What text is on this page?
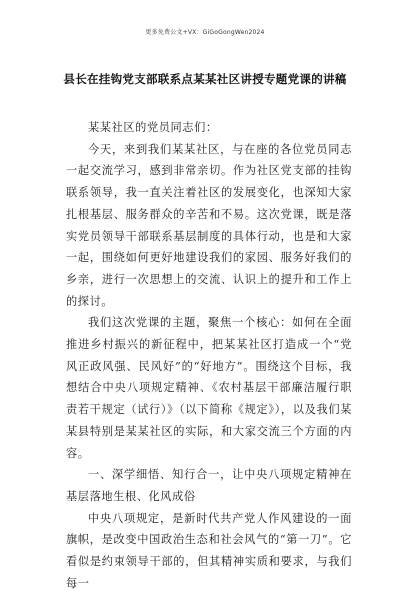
更多免费公文+VX：GiGoGongWen2024
县长在挂钩党支部联系点某某社区讲授专题党课的讲稿

某某社区的党员同志们：

今天，来到我们某某社区，与在座的各位党员同志一起交流学习，感到非常亲切。作为社区党支部的挂钩联系领导，我一直关注着社区的发展变化，也深知大家扎根基层、服务群众的辛苦和不易。这次党课，既是落实党员领导干部联系基层制度的具体行动，也是和大家一起，围绕如何更好地建设我们的家园、服务好我们的乡亲，进行一次思想上的交流、认识上的提升和工作上的探讨。

我们这次党课的主题，聚焦一个核心：如何在全面推进乡村振兴的新征程中，把某某社区打造成一个“党风正政风强、民风好”的“好地方”。围绕这个目标，我想结合中央八项规定精神、《农村基层干部廉洁履行职责若干规定（试行）》（以下简称《规定》），以及我们某某县特别是某某社区的实际，和大家交流三个方面的内容。

一、深学细悟、知行合一，让中央八项规定精神在基层落地生根、化风成俗

中央八项规定，是新时代共产党人作风建设的一面旗帜，是改变中国政治生态和社会风气的“第一刀”。它看似是约束领导干部的，但其精神实质和要求，与我们每一
